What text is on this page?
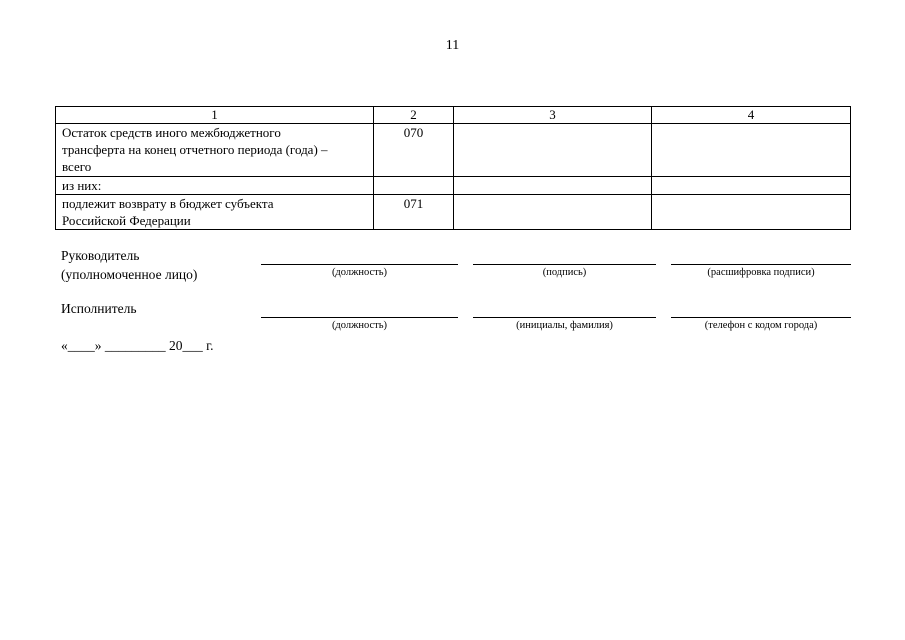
11
1	2	3	4
Остаток средств иного межбюджетного трансферта на конец отчетного периода (года) – всего	070		
из них:			
подлежит возврату в бюджет субъекта Российской Федерации	071		
Руководитель
(уполномоченное лицо)	(должность)	(подпись)	(расшифровка подписи)
Исполнитель
(должность)	(инициалы, фамилия)	(телефон с кодом города)
«____» _________ 20___ г.
